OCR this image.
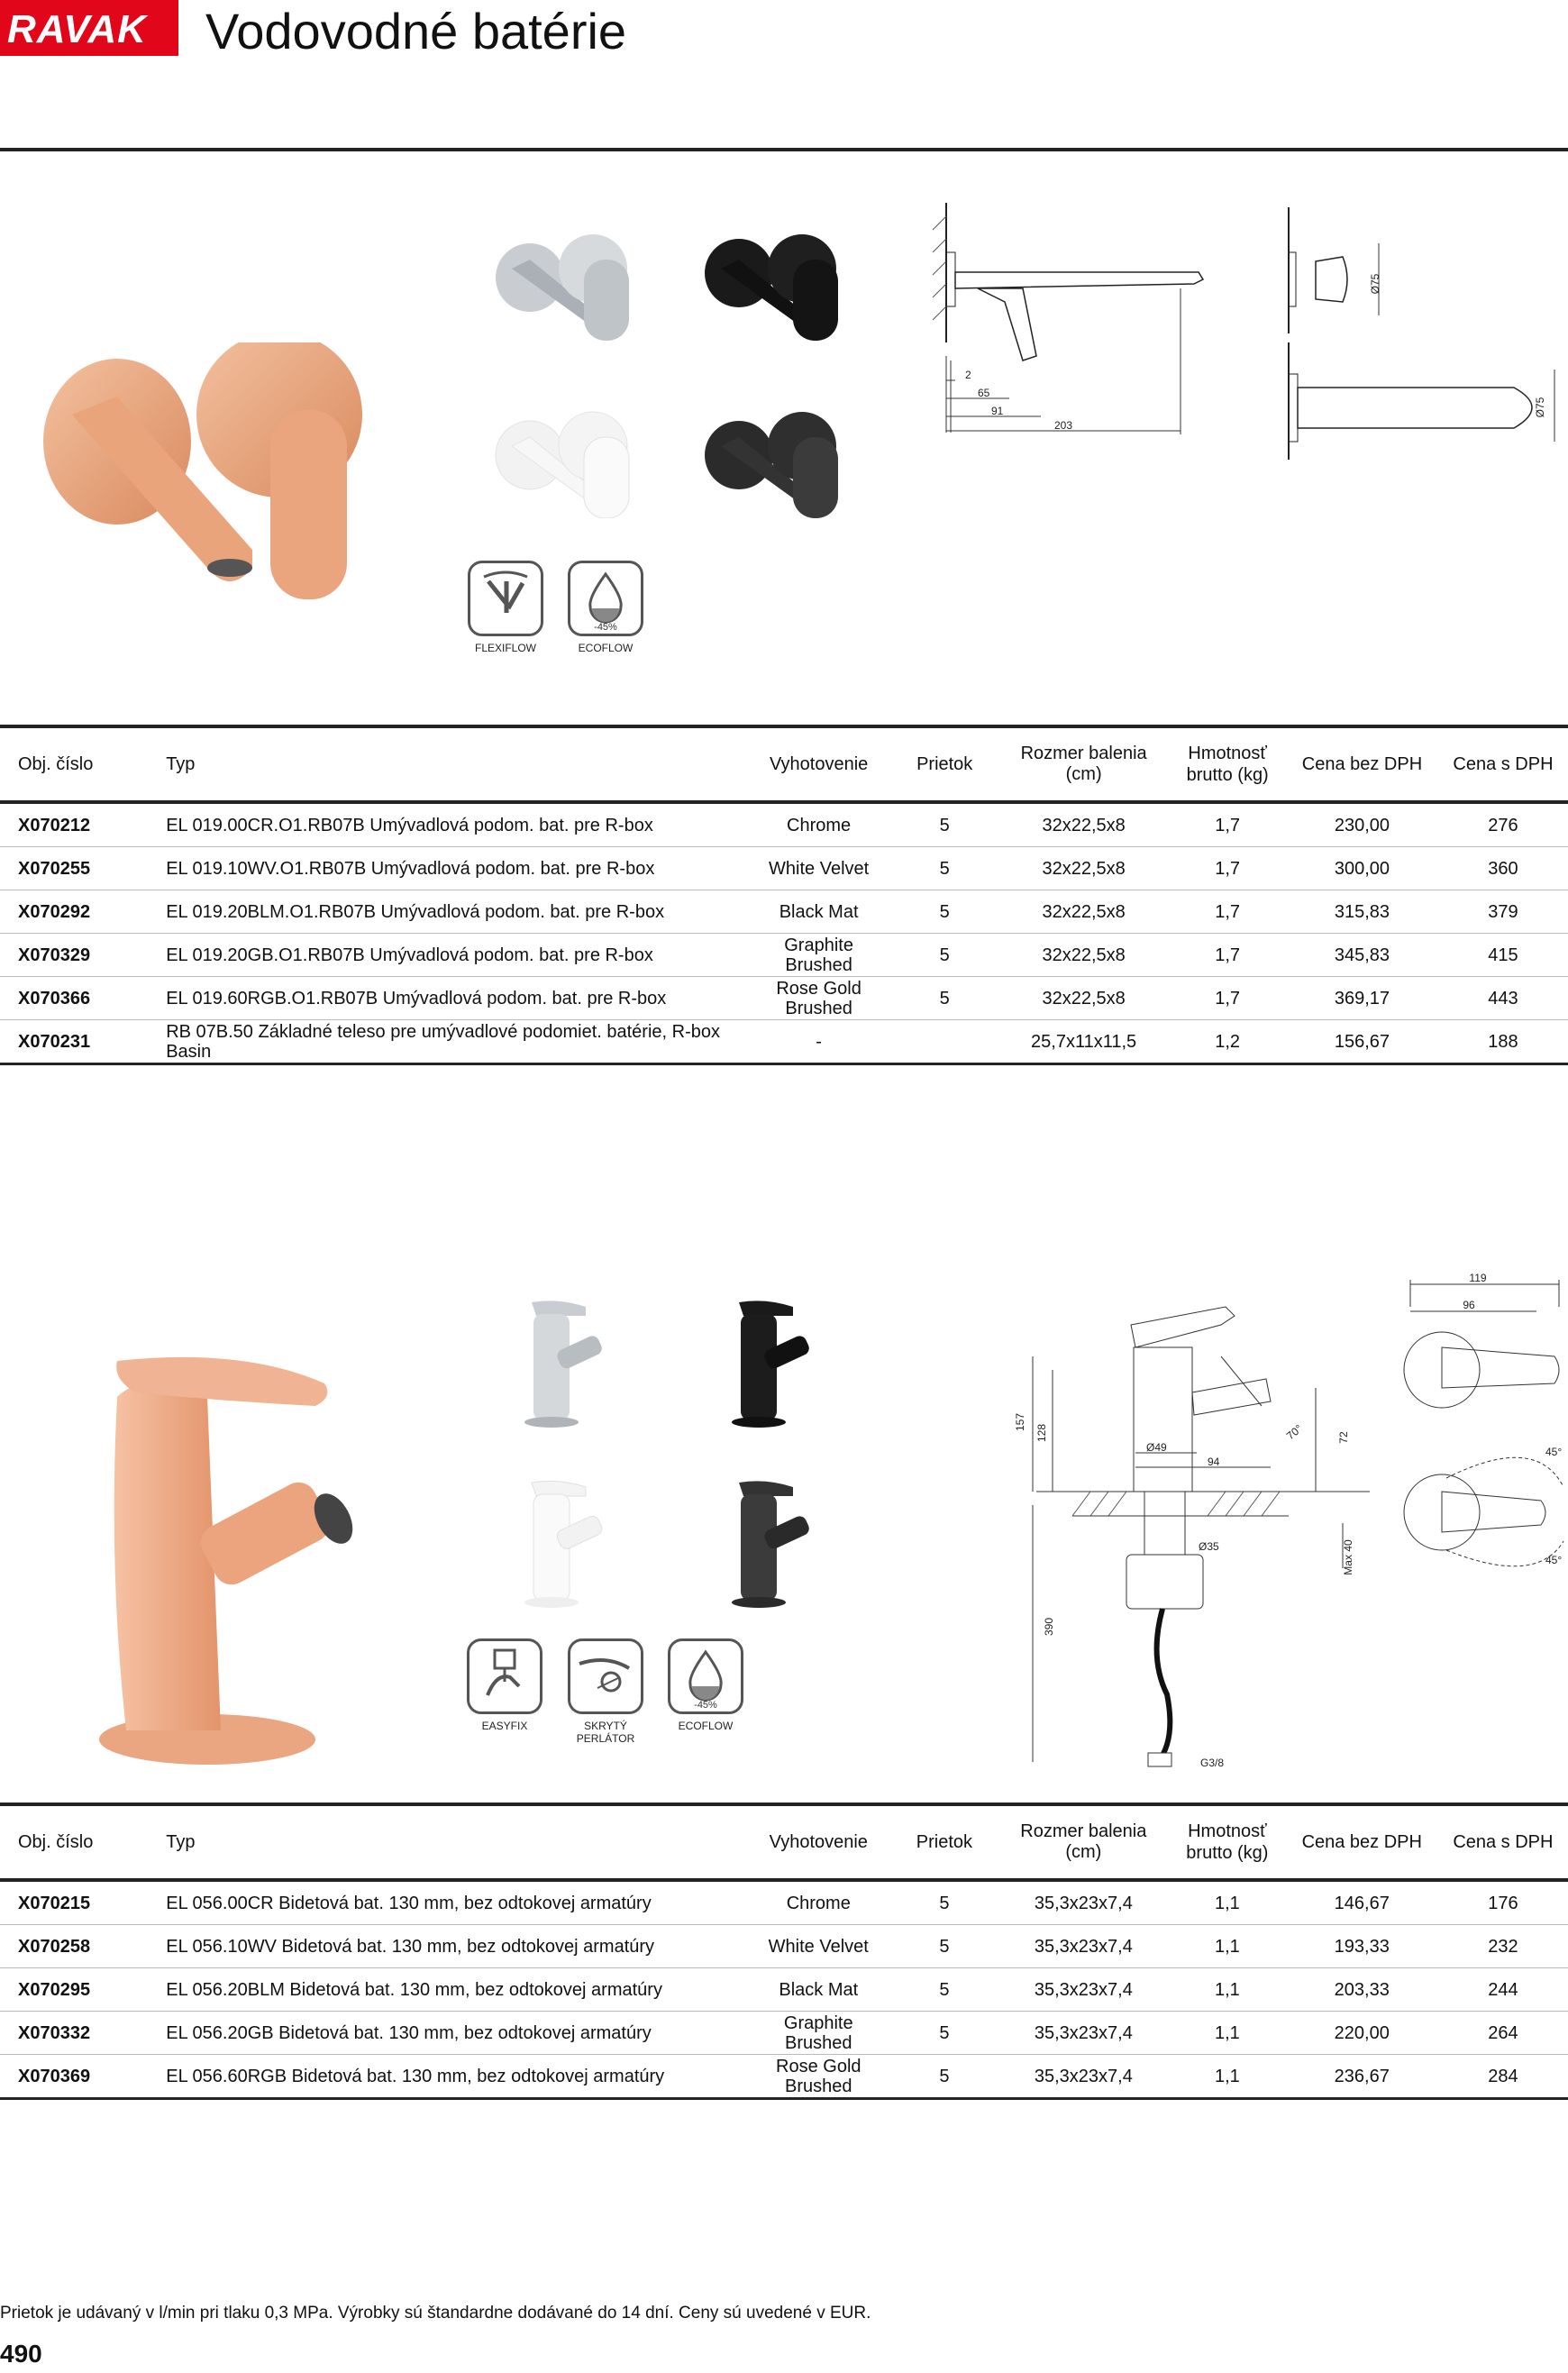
RAVAK Vodovodné batérie
FLEXIFLOW
-45%
ECOFLOW
2
65
91
203
Ø75
Ø75
Obj. číslo	Typ	Vyhotovenie	Prietok	Rozmer balenia (cm)	Hmotnosť brutto (kg)	Cena bez DPH	Cena s DPH
X070212	EL 019.00CR.O1.RB07B Umývadlová podom. bat. pre R-box	Chrome	5	32x22,5x8	1,7	230,00	276
X070255	EL 019.10WV.O1.RB07B Umývadlová podom. bat. pre R-box	White Velvet	5	32x22,5x8	1,7	300,00	360
X070292	EL 019.20BLM.O1.RB07B Umývadlová podom. bat. pre R-box	Black Mat	5	32x22,5x8	1,7	315,83	379
X070329	EL 019.20GB.O1.RB07B Umývadlová podom. bat. pre R-box	Graphite Brushed	5	32x22,5x8	1,7	345,83	415
X070366	EL 019.60RGB.O1.RB07B Umývadlová podom. bat. pre R-box	Rose Gold Brushed	5	32x22,5x8	1,7	369,17	443
X070231	RB 07B.50 Základné teleso pre umývadlové podomiet. batérie, R-box Basin	-		25,7x11x11,5	1,2	156,67	188
EASYFIX	SKRYTÝ PERLÁTOR
-45%
ECOFLOW
157
128
Ø49
94
70°	72
Ø35	Max 40
390
G3/8
119
96
45°
45°
Obj. číslo	Typ	Vyhotovenie	Prietok	Rozmer balenia (cm)	Hmotnosť brutto (kg)	Cena bez DPH	Cena s DPH
X070215	EL 056.00CR Bidetová bat. 130 mm, bez odtokovej armatúry	Chrome	5	35,3x23x7,4	1,1	146,67	176
X070258	EL 056.10WV Bidetová bat. 130 mm, bez odtokovej armatúry	White Velvet	5	35,3x23x7,4	1,1	193,33	232
X070295	EL 056.20BLM Bidetová bat. 130 mm, bez odtokovej armatúry	Black Mat	5	35,3x23x7,4	1,1	203,33	244
X070332	EL 056.20GB Bidetová bat. 130 mm, bez odtokovej armatúry	Graphite Brushed	5	35,3x23x7,4	1,1	220,00	264
X070369	EL 056.60RGB Bidetová bat. 130 mm, bez odtokovej armatúry	Rose Gold Brushed	5	35,3x23x7,4	1,1	236,67	284
Prietok je udávaný v l/min pri tlaku 0,3 MPa. Výrobky sú štandardne dodávané do 14 dní. Ceny sú uvedené v EUR.
490
